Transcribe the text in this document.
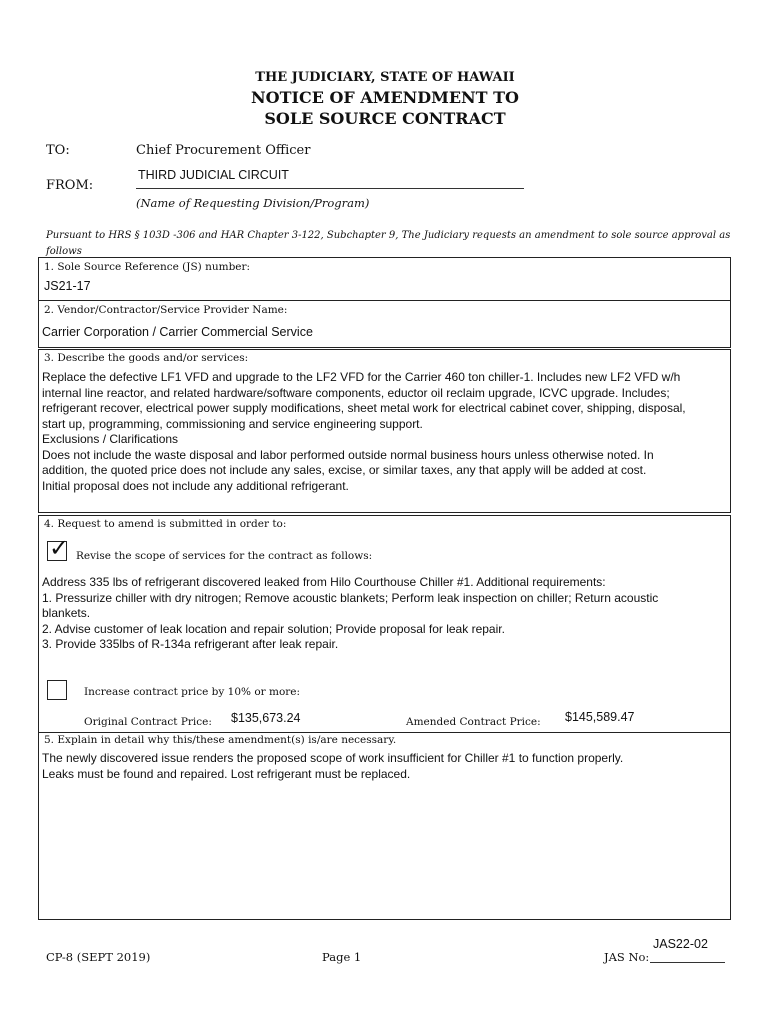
THE JUDICIARY, STATE OF HAWAII
NOTICE OF AMENDMENT TO
SOLE SOURCE CONTRACT
TO:	Chief Procurement Officer
FROM:
THIRD JUDICIAL CIRCUIT
(Name of Requesting Division/Program)
Pursuant to HRS § 103D -306 and HAR Chapter 3-122, Subchapter 9, The Judiciary requests an amendment to sole source approval as follows
1. Sole Source Reference (JS) number:
JS21-17
2. Vendor/Contractor/Service Provider Name:
Carrier Corporation / Carrier Commercial Service
3. Describe the goods and/or services:
Replace the defective LF1 VFD and upgrade to the LF2 VFD for the Carrier 460 ton chiller-1. Includes new LF2 VFD w/h
internal line reactor, and related hardware/software components, eductor oil reclaim upgrade, ICVC upgrade. Includes;
refrigerant recover, electrical power supply modifications, sheet metal work for electrical cabinet cover, shipping, disposal,
start up, programming, commissioning and service engineering support.
Exclusions / Clarifications
Does not include the waste disposal and labor performed outside normal business hours unless otherwise noted. In
addition, the quoted price does not include any sales, excise, or similar taxes, any that apply will be added at cost.
Initial proposal does not include any additional refrigerant.
4. Request to amend is submitted in order to:
✓ Revise the scope of services for the contract as follows:
Address 335 lbs of refrigerant discovered leaked from Hilo Courthouse Chiller #1. Additional requirements:
1. Pressurize chiller with dry nitrogen; Remove acoustic blankets; Perform leak inspection on chiller; Return acoustic
blankets.
2. Advise customer of leak location and repair solution; Provide proposal for leak repair.
3. Provide 335lbs of R-134a refrigerant after leak repair.
Increase contract price by 10% or more:
Original Contract Price: $135,673.24	Amended Contract Price: $145,589.47
5. Explain in detail why this/these amendment(s) is/are necessary.
The newly discovered issue renders the proposed scope of work insufficient for Chiller #1 to function properly.
Leaks must be found and repaired. Lost refrigerant must be replaced.
CP-8 (SEPT 2019)	Page 1	JAS No:
JAS22-02
